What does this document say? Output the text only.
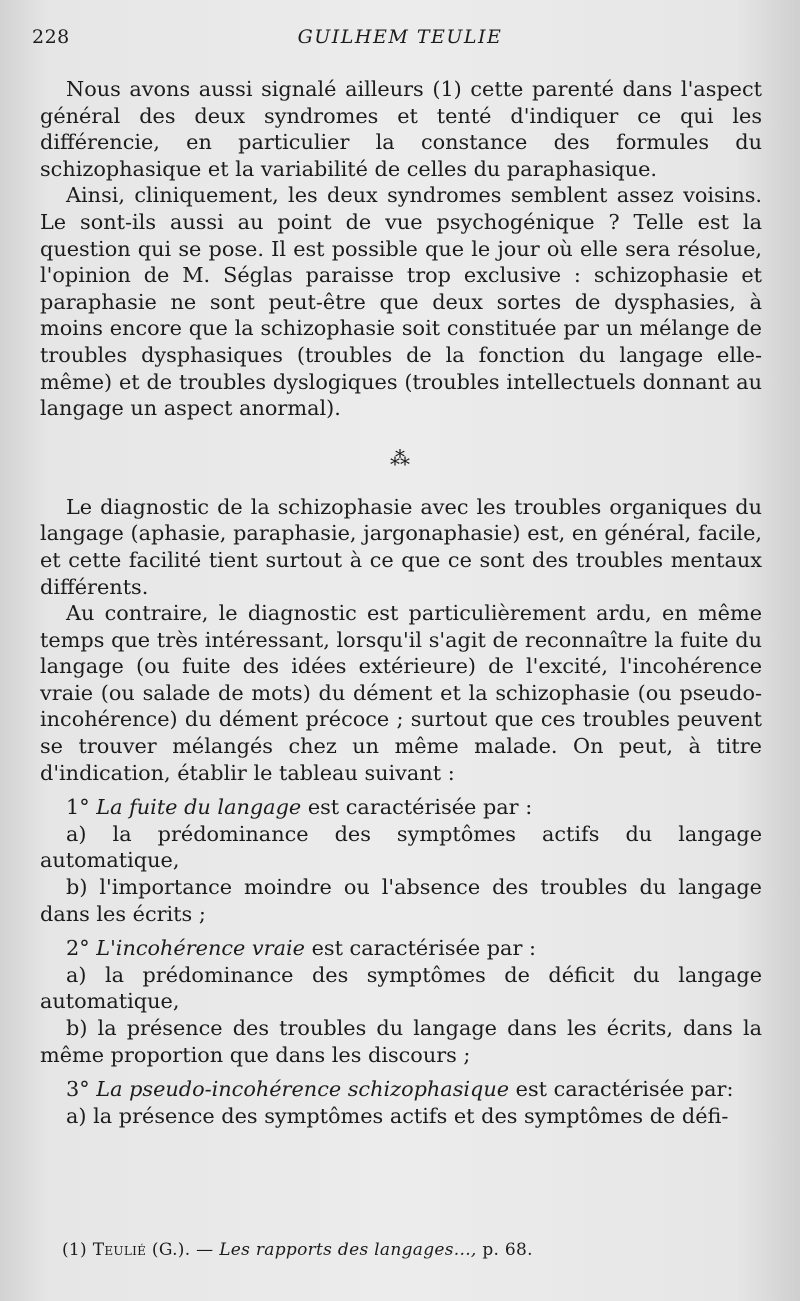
228	GUILHEM TEULIE

Nous avons aussi signalé ailleurs (1) cette parenté dans l'aspect général des deux syndromes et tenté d'indiquer ce qui les différencie, en particulier la constance des formules du schizophasique et la variabilité de celles du paraphasique.

Ainsi, cliniquement, les deux syndromes semblent assez voisins. Le sont-ils aussi au point de vue psychogénique ? Telle est la question qui se pose. Il est possible que le jour où elle sera résolue, l'opinion de M. Séglas paraisse trop exclusive : schizophasie et paraphasie ne sont peut-être que deux sortes de dysphasies, à moins encore que la schizophasie soit constituée par un mélange de troubles dysphasiques (troubles de la fonction du langage elle-même) et de troubles dyslogiques (troubles intellectuels donnant au langage un aspect anormal).

⁂

Le diagnostic de la schizophasie avec les troubles organiques du langage (aphasie, paraphasie, jargonaphasie) est, en général, facile, et cette facilité tient surtout à ce que ce sont des troubles mentaux différents.

Au contraire, le diagnostic est particulièrement ardu, en même temps que très intéressant, lorsqu'il s'agit de reconnaître la fuite du langage (ou fuite des idées extérieure) de l'excité, l'incohérence vraie (ou salade de mots) du dément et la schizophasie (ou pseudo-incohérence) du dément précoce ; surtout que ces troubles peuvent se trouver mélangés chez un même malade. On peut, à titre d'indication, établir le tableau suivant :

1° La fuite du langage est caractérisée par :

a) la prédominance des symptômes actifs du langage automatique,

b) l'importance moindre ou l'absence des troubles du langage dans les écrits ;

2° L'incohérence vraie est caractérisée par :

a) la prédominance des symptômes de déficit du langage automatique,

b) la présence des troubles du langage dans les écrits, dans la même proportion que dans les discours ;

3° La pseudo-incohérence schizophasique est caractérisée par:

a) la présence des symptômes actifs et des symptômes de défi-

(1) Teulié (G.). — Les rapports des langages..., p. 68.
